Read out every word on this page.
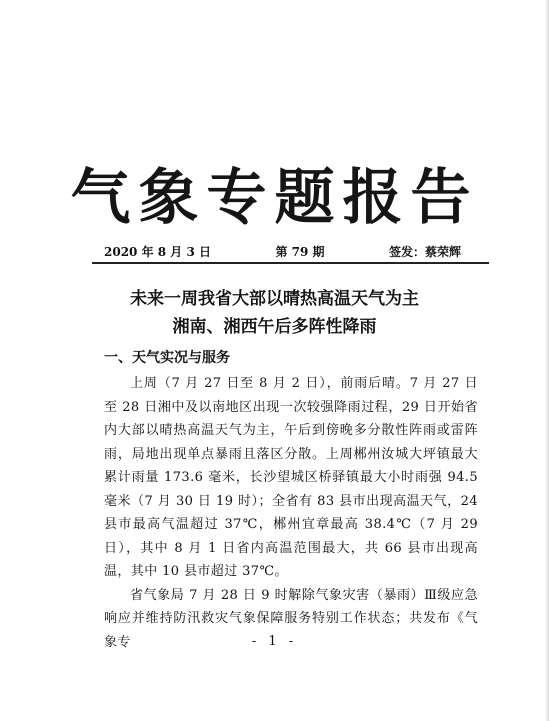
气象专题报告
2020 年 8 月 3 日	第 79 期	签发：蔡荣辉
未来一周我省大部以晴热高温天气为主
湘南、湘西午后多阵性降雨
一、天气实况与服务

上周（7 月 27 日至 8 月 2 日），前雨后晴。7 月 27 日至 28 日湘中及以南地区出现一次较强降雨过程，29 日开始省内大部以晴热高温天气为主，午后到傍晚多分散性阵雨或雷阵雨，局地出现单点暴雨且落区分散。上周郴州汝城大坪镇最大累计雨量 173.6 毫米，长沙望城区桥驿镇最大小时雨强 94.5 毫米（7 月 30 日 19 时）；全省有 83 县市出现高温天气，24 县市最高气温超过 37℃，郴州宜章最高 38.4℃（7 月 29 日），其中 8 月 1 日省内高温范围最大，共 66 县市出现高温，其中 10 县市超过 37℃。

省气象局 7 月 28 日 9 时解除气象灾害（暴雨）Ⅲ级应急响应并维持防汛救灾气象保障服务特别工作状态；共发布《气象专	- 1 -
